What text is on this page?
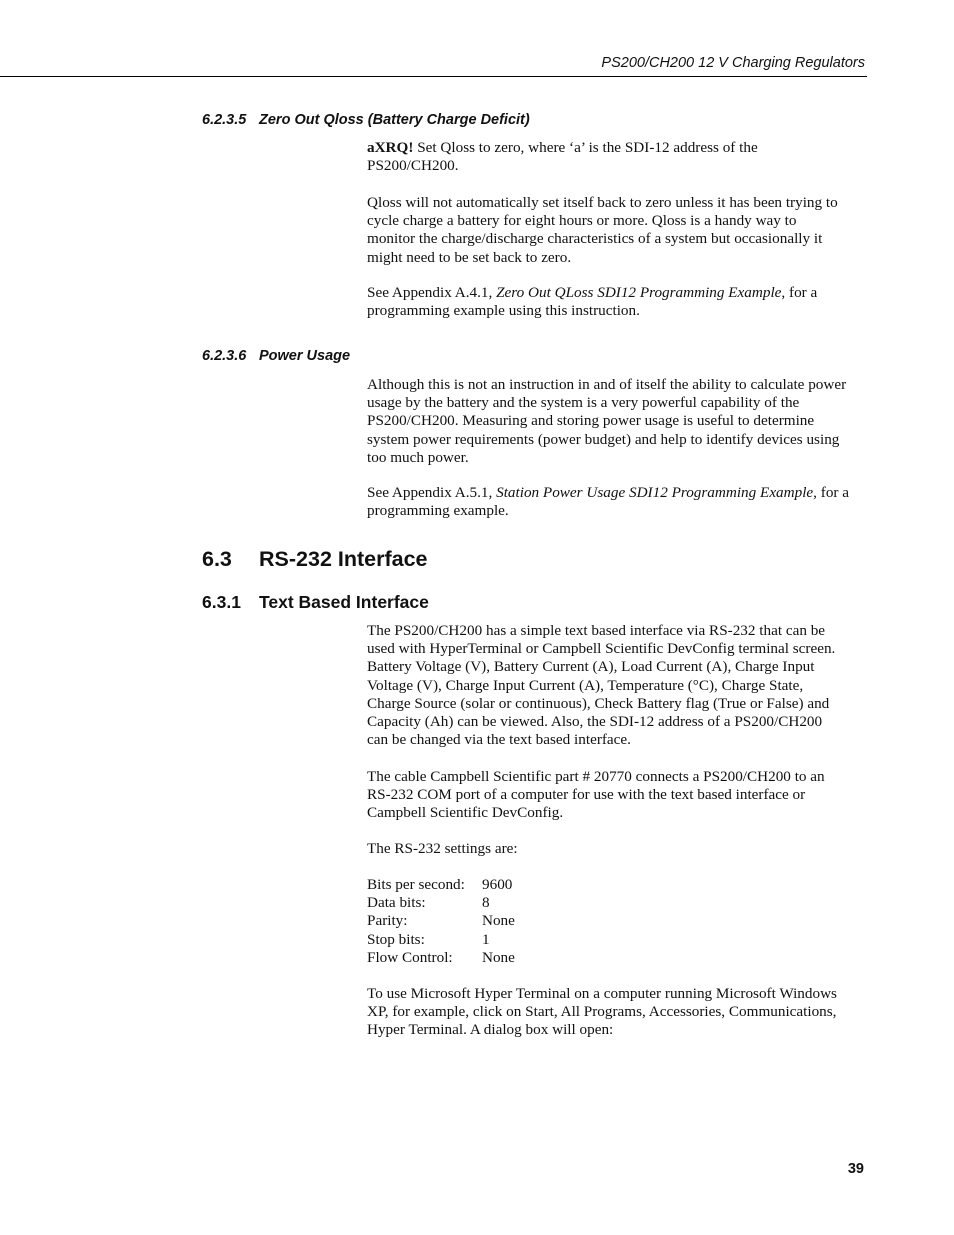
PS200/CH200 12 V Charging Regulators
6.2.3.5 Zero Out Qloss (Battery Charge Deficit)

aXRQ! Set Qloss to zero, where ‘a’ is the SDI-12 address of the

PS200/CH200.

Qloss will not automatically set itself back to zero unless it has been trying to

cycle charge a battery for eight hours or more. Qloss is a handy way to

monitor the charge/discharge characteristics of a system but occasionally it

might need to be set back to zero.

See Appendix A.4.1, Zero Out QLoss SDI12 Programming Example, for a

programming example using this instruction.

6.2.3.6 Power Usage

Although this is not an instruction in and of itself the ability to calculate power

usage by the battery and the system is a very powerful capability of the

PS200/CH200. Measuring and storing power usage is useful to determine

system power requirements (power budget) and help to identify devices using

too much power.

See Appendix A.5.1, Station Power Usage SDI12 Programming Example, for a

programming example.

6.3 RS-232 Interface
6.3.1 Text Based Interface

The PS200/CH200 has a simple text based interface via RS-232 that can be

used with HyperTerminal or Campbell Scientific DevConfig terminal screen.

Battery Voltage (V), Battery Current (A), Load Current (A), Charge Input

Voltage (V), Charge Input Current (A), Temperature (°C), Charge State,

Charge Source (solar or continuous), Check Battery flag (True or False) and

Capacity (Ah) can be viewed. Also, the SDI-12 address of a PS200/CH200

can be changed via the text based interface.

The cable Campbell Scientific part # 20770 connects a PS200/CH200 to an

RS-232 COM port of a computer for use with the text based interface or

Campbell Scientific DevConfig.

The RS-232 settings are:

Bits per second:	9600
Data bits:	8
Parity:	None
Stop bits:	1
Flow Control:	None

To use Microsoft Hyper Terminal on a computer running Microsoft Windows

XP, for example, click on Start, All Programs, Accessories, Communications,

Hyper Terminal. A dialog box will open:

39
